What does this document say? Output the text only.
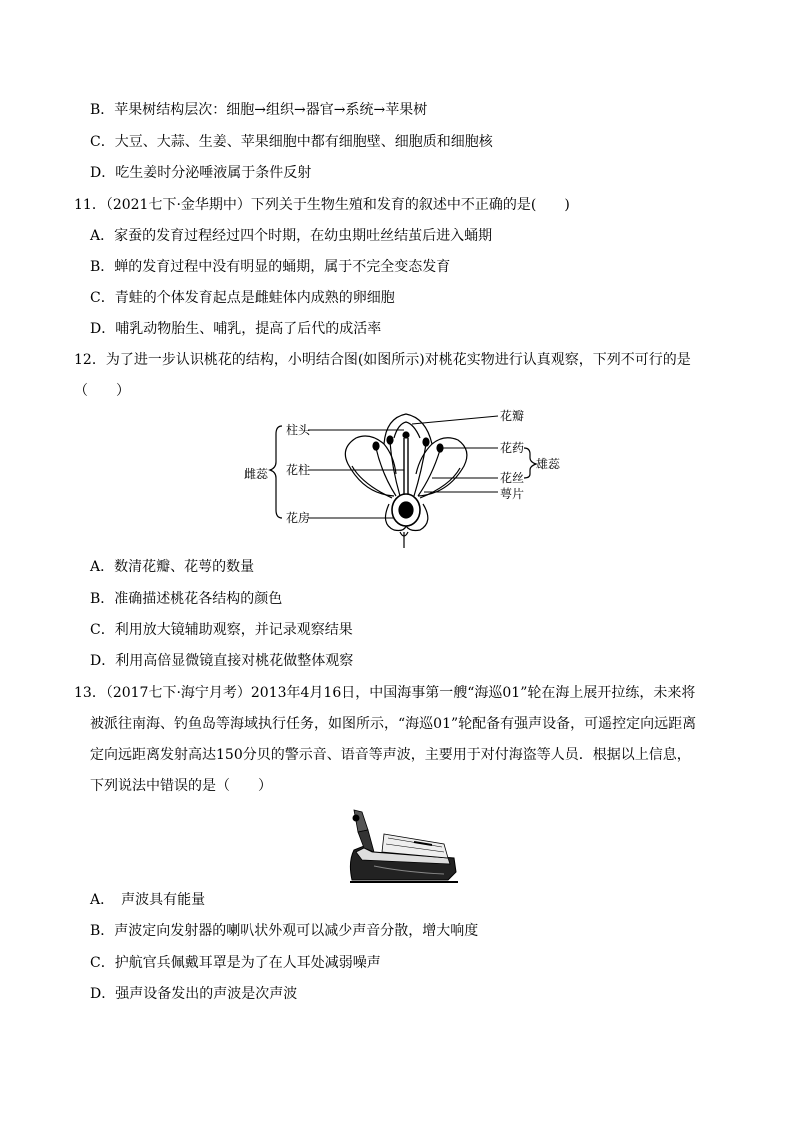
B．苹果树结构层次：细胞→组织→器官→系统→苹果树
C．大豆、大蒜、生姜、苹果细胞中都有细胞壁、细胞质和细胞核
D．吃生姜时分泌唾液属于条件反射
11．（2021七下·金华期中）下列关于生物生殖和发育的叙述中不正确的是(　　)
A．家蚕的发育过程经过四个时期，在幼虫期吐丝结茧后进入蛹期
B．蝉的发育过程中没有明显的蛹期，属于不完全变态发育
C．青蛙的个体发育起点是雌蛙体内成熟的卵细胞
D．哺乳动物胎生、哺乳，提高了后代的成活率
12．为了进一步认识桃花的结构，小明结合图(如图所示)对桃花实物进行认真观察，下列不可行的是
（　　）
柱头
花柱
花房
雌蕊
花瓣
花药
花丝
雄蕊
萼片
A．数清花瓣、花萼的数量
B．准确描述桃花各结构的颜色
C．利用放大镜辅助观察，并记录观察结果
D．利用高倍显微镜直接对桃花做整体观察
13．（2017七下·海宁月考）2013年4月16日，中国海事第一艘“海巡01”轮在海上展开拉练，未来将
被派往南海、钓鱼岛等海域执行任务，如图所示，“海巡01”轮配备有强声设备，可遥控定向远距离
定向远距离发射高达150分贝的警示音、语音等声波，主要用于对付海盗等人员．根据以上信息，
下列说法中错误的是（　　）
A．　声波具有能量
B．声波定向发射器的喇叭状外观可以减少声音分散，增大响度
C．护航官兵佩戴耳罩是为了在人耳处减弱噪声
D．强声设备发出的声波是次声波
